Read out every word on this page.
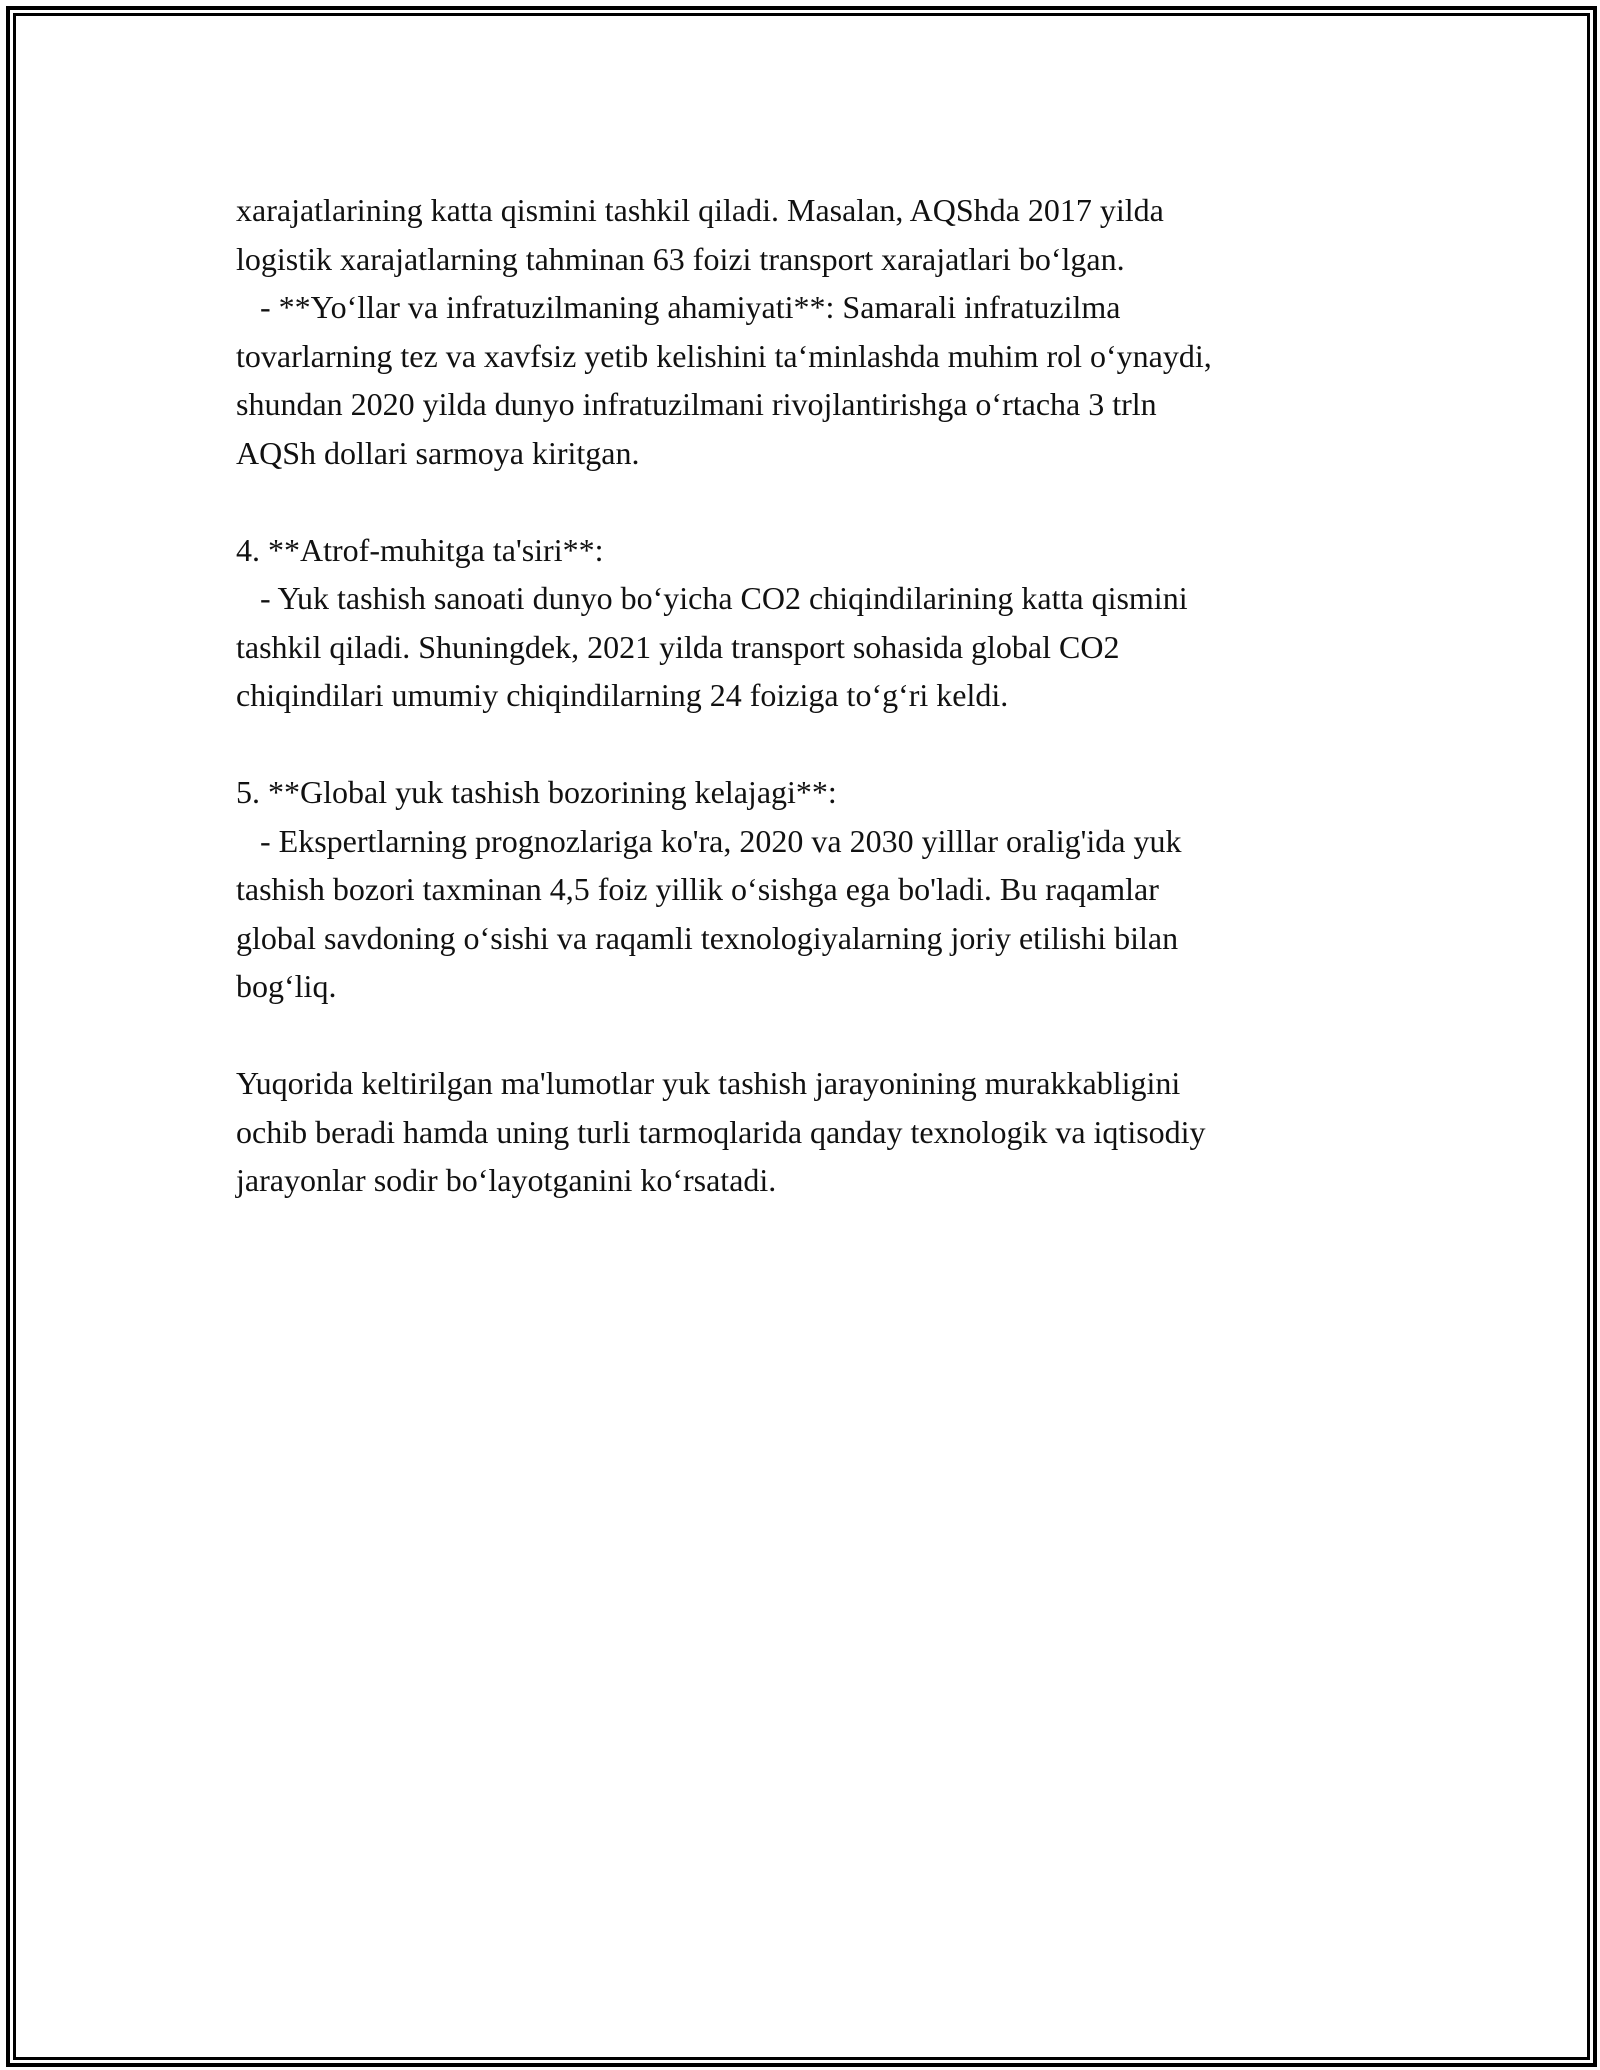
xarajatlarining katta qismini tashkil qiladi. Masalan, AQShda 2017 yilda
logistik xarajatlarning tahminan 63 foizi transport xarajatlari bo‘lgan.
- **Yo‘llar va infratuzilmaning ahamiyati**: Samarali infratuzilma
tovarlarning tez va xavfsiz yetib kelishini ta‘minlashda muhim rol o‘ynaydi,
shundan 2020 yilda dunyo infratuzilmani rivojlantirishga o‘rtacha 3 trln
AQSh dollari sarmoya kiritgan.
4. **Atrof-muhitga ta'siri**:
- Yuk tashish sanoati dunyo bo‘yicha CO2 chiqindilarining katta qismini
tashkil qiladi. Shuningdek, 2021 yilda transport sohasida global CO2
chiqindilari umumiy chiqindilarning 24 foiziga to‘g‘ri keldi.
5. **Global yuk tashish bozorining kelajagi**:
- Ekspertlarning prognozlariga ko'ra, 2020 va 2030 yilllar oralig'ida yuk
tashish bozori taxminan 4,5 foiz yillik o‘sishga ega bo'ladi. Bu raqamlar
global savdoning o‘sishi va raqamli texnologiyalarning joriy etilishi bilan
bog‘liq.
Yuqorida keltirilgan ma'lumotlar yuk tashish jarayonining murakkabligini
ochib beradi hamda uning turli tarmoqlarida qanday texnologik va iqtisodiy
jarayonlar sodir bo‘layotganini ko‘rsatadi.
